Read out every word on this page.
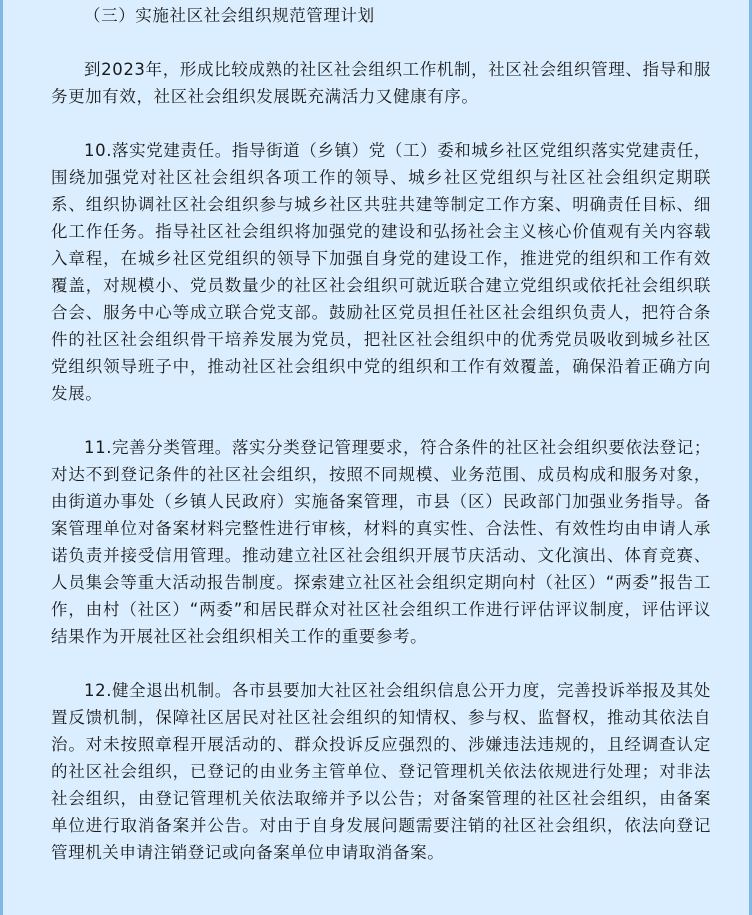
（三）实施社区社会组织规范管理计划

到2023年，形成比较成熟的社区社会组织工作机制，社区社会组织管理、指导和服务更加有效，社区社会组织发展既充满活力又健康有序。

10.落实党建责任。指导街道（乡镇）党（工）委和城乡社区党组织落实党建责任，围绕加强党对社区社会组织各项工作的领导、城乡社区党组织与社区社会组织定期联系、组织协调社区社会组织参与城乡社区共驻共建等制定工作方案、明确责任目标、细化工作任务。指导社区社会组织将加强党的建设和弘扬社会主义核心价值观有关内容载入章程，在城乡社区党组织的领导下加强自身党的建设工作，推进党的组织和工作有效覆盖，对规模小、党员数量少的社区社会组织可就近联合建立党组织或依托社会组织联合会、服务中心等成立联合党支部。鼓励社区党员担任社区社会组织负责人，把符合条件的社区社会组织骨干培养发展为党员，把社区社会组织中的优秀党员吸收到城乡社区党组织领导班子中，推动社区社会组织中党的组织和工作有效覆盖，确保沿着正确方向发展。

11.完善分类管理。落实分类登记管理要求，符合条件的社区社会组织要依法登记；对达不到登记条件的社区社会组织，按照不同规模、业务范围、成员构成和服务对象，由街道办事处（乡镇人民政府）实施备案管理，市县（区）民政部门加强业务指导。备案管理单位对备案材料完整性进行审核，材料的真实性、合法性、有效性均由申请人承诺负责并接受信用管理。推动建立社区社会组织开展节庆活动、文化演出、体育竞赛、人员集会等重大活动报告制度。探索建立社区社会组织定期向村（社区）“两委”报告工作，由村（社区）“两委”和居民群众对社区社会组织工作进行评估评议制度，评估评议结果作为开展社区社会组织相关工作的重要参考。

12.健全退出机制。各市县要加大社区社会组织信息公开力度，完善投诉举报及其处置反馈机制，保障社区居民对社区社会组织的知情权、参与权、监督权，推动其依法自治。对未按照章程开展活动的、群众投诉反应强烈的、涉嫌违法违规的，且经调查认定的社区社会组织，已登记的由业务主管单位、登记管理机关依法依规进行处理；对非法社会组织，由登记管理机关依法取缔并予以公告；对备案管理的社区社会组织，由备案单位进行取消备案并公告。对由于自身发展问题需要注销的社区社会组织，依法向登记管理机关申请注销登记或向备案单位申请取消备案。
